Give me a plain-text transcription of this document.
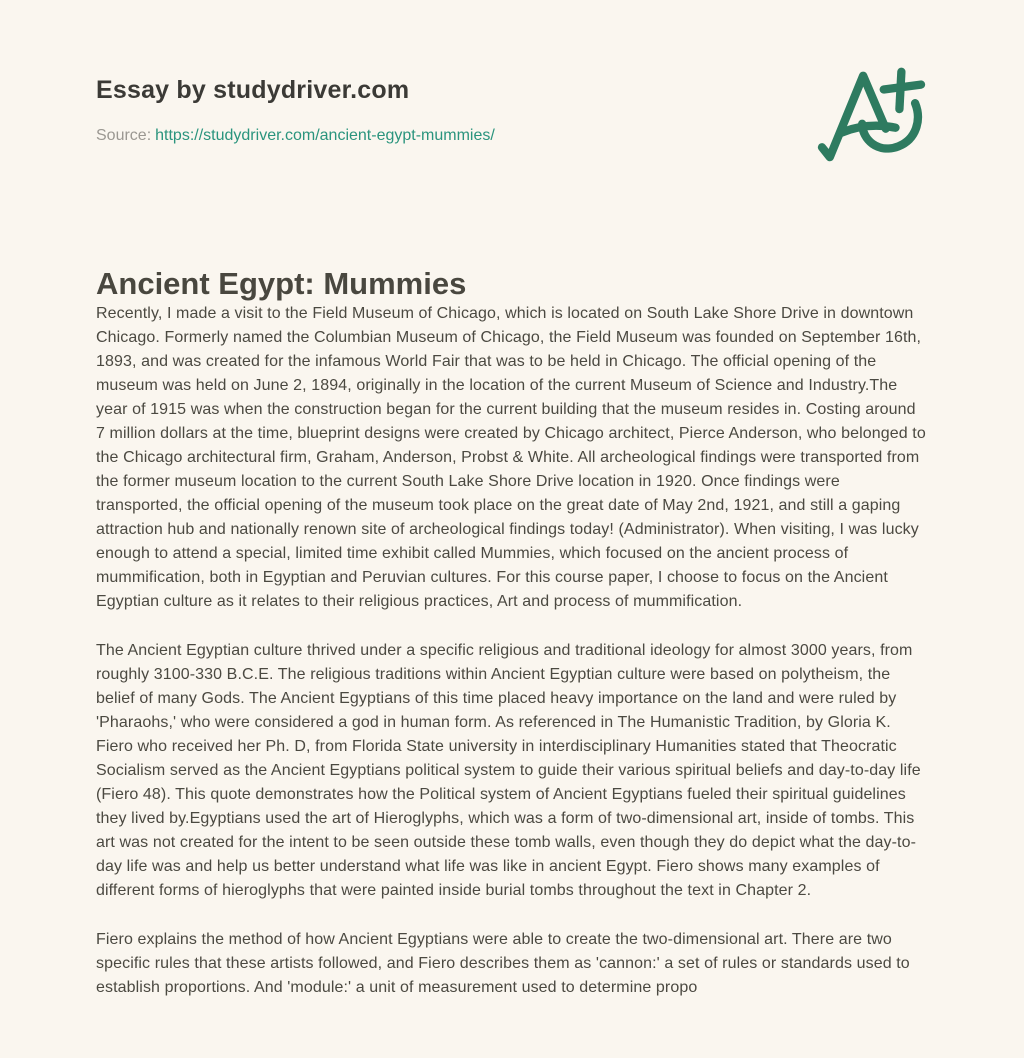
Essay by studydriver.com
Source: https://studydriver.com/ancient-egypt-mummies/
Ancient Egypt: Mummies

Recently, I made a visit to the Field Museum of Chicago, which is located on South Lake Shore Drive in downtown Chicago. Formerly named the Columbian Museum of Chicago, the Field Museum was founded on September 16th, 1893, and was created for the infamous World Fair that was to be held in Chicago. The official opening of the museum was held on June 2, 1894, originally in the location of the current Museum of Science and Industry.The year of 1915 was when the construction began for the current building that the museum resides in. Costing around 7 million dollars at the time, blueprint designs were created by Chicago architect, Pierce Anderson, who belonged to the Chicago architectural firm, Graham, Anderson, Probst & White. All archeological findings were transported from the former museum location to the current South Lake Shore Drive location in 1920. Once findings were transported, the official opening of the museum took place on the great date of May 2nd, 1921, and still a gaping attraction hub and nationally renown site of archeological findings today! (Administrator). When visiting, I was lucky enough to attend a special, limited time exhibit called Mummies, which focused on the ancient process of mummification, both in Egyptian and Peruvian cultures. For this course paper, I choose to focus on the Ancient Egyptian culture as it relates to their religious practices, Art and process of mummification.

The Ancient Egyptian culture thrived under a specific religious and traditional ideology for almost 3000 years, from roughly 3100-330 B.C.E. The religious traditions within Ancient Egyptian culture were based on polytheism, the belief of many Gods. The Ancient Egyptians of this time placed heavy importance on the land and were ruled by 'Pharaohs,' who were considered a god in human form. As referenced in The Humanistic Tradition, by Gloria K. Fiero who received her Ph. D, from Florida State university in interdisciplinary Humanities stated that Theocratic Socialism served as the Ancient Egyptians political system to guide their various spiritual beliefs and day-to-day life (Fiero 48). This quote demonstrates how the Political system of Ancient Egyptians fueled their spiritual guidelines they lived by.Egyptians used the art of Hieroglyphs, which was a form of two-dimensional art, inside of tombs. This art was not created for the intent to be seen outside these tomb walls, even though they do depict what the day-to-day life was and help us better understand what life was like in ancient Egypt. Fiero shows many examples of different forms of hieroglyphs that were painted inside burial tombs throughout the text in Chapter 2.

Fiero explains the method of how Ancient Egyptians were able to create the two-dimensional art. There are two specific rules that these artists followed, and Fiero describes them as 'cannon:' a set of rules or standards used to establish proportions. And 'module:' a unit of measurement used to determine propo
